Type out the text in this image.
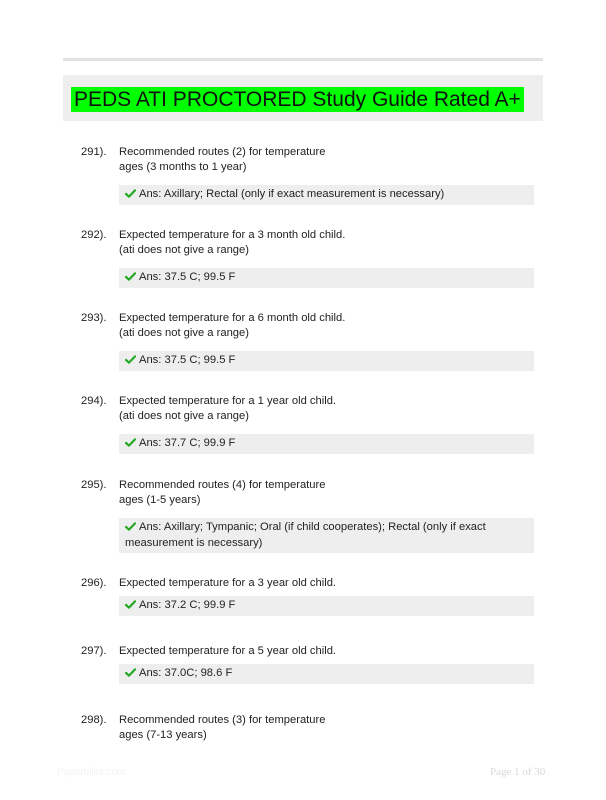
PEDS ATI PROCTORED Study Guide Rated A+
291). Recommended routes (2) for temperature
ages (3 months to 1 year)
Ans: Axillary; Rectal (only if exact measurement is necessary)
292). Expected temperature for a 3 month old child.
(ati does not give a range)
Ans: 37.5 C; 99.5 F
293). Expected temperature for a 6 month old child.
(ati does not give a range)
Ans: 37.5 C; 99.5 F
294). Expected temperature for a 1 year old child.
(ati does not give a range)
Ans: 37.7 C; 99.9 F
295). Recommended routes (4) for temperature
ages (1-5 years)
Ans: Axillary; Tympanic; Oral (if child cooperates); Rectal (only if exact
measurement is necessary)
296). Expected temperature for a 3 year old child.
Ans: 37.2 C; 99.9 F
297). Expected temperature for a 5 year old child.
Ans: 37.0C; 98.6 F
298). Recommended routes (3) for temperature
ages (7-13 years)
Paperbliss.com	Page 1 of 30
